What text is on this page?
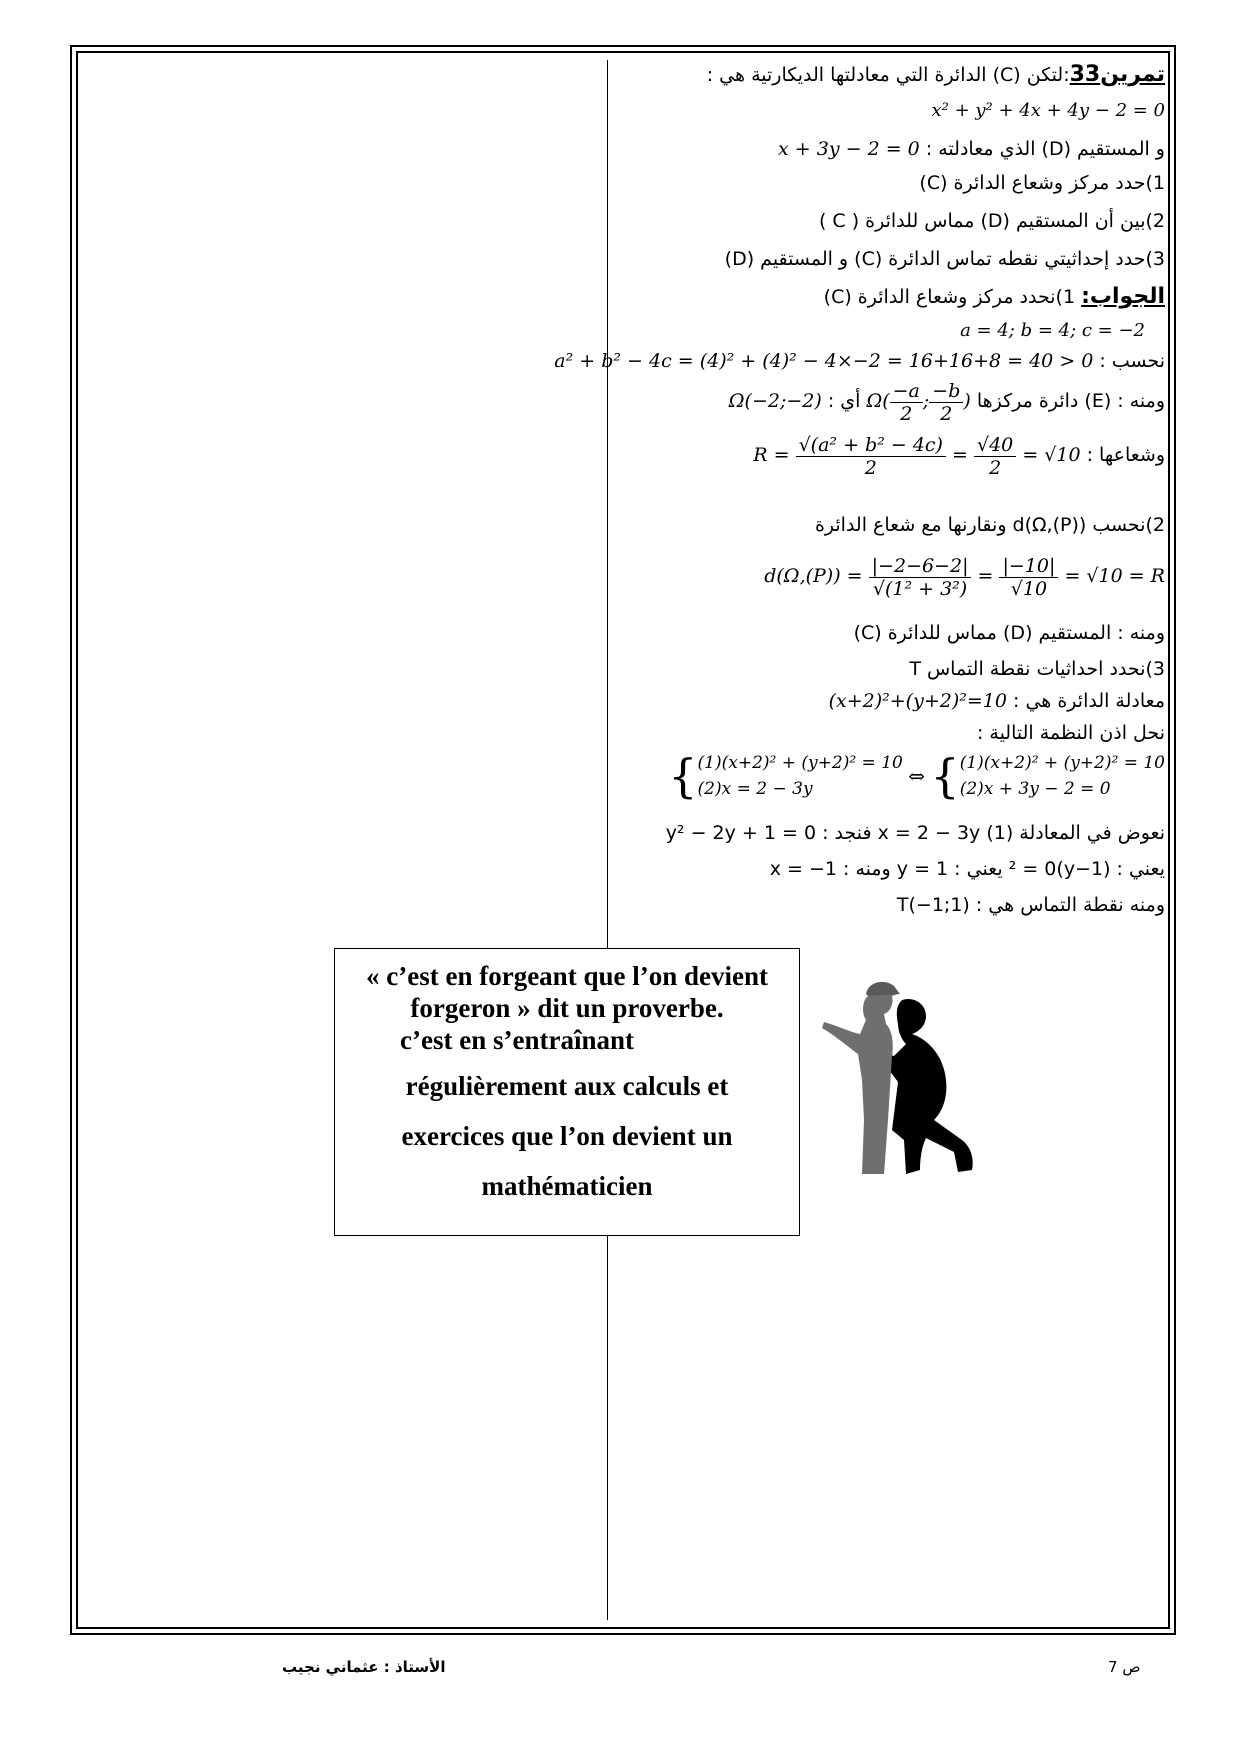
تمرين33:لتكن (C) الدائرة التي معادلتها الديكارتية هي :
x² + y² + 4x + 4y − 2 = 0
و المستقيم (D) الذي معادلته : x + 3y − 2 = 0
1)حدد مركز وشعاع الدائرة (C)
2)بين أن المستقيم (D) مماس للدائرة ( C )
3)حدد إحداثيتي نقطه تماس الدائرة (C) و المستقيم (D)
الجواب: 1)نحدد مركز وشعاع الدائرة (C)
a = 4; b = 4; c = −2
نحسب : a² + b² − 4c = (4)² + (4)² − 4×−2 = 16+16+8 = 40 > 0
ومنه : (E) دائرة مركزها $\Omega( \frac{-a}{2}$ ; $\frac{-b}{2}$ ) أي : Ω(−2;−2)
وشعاعها : $R = \frac{\text{√(a² + b² − 4c)}}{2} = \frac{√40}{2} = √10$
2)نحسب d(Ω,(P)) ونقارنها مع شعاع الدائرة
$d(\Omega,(P)) = \frac{|-2-6-2|}{\text{√(1² + 3²)}} = \frac{|-10|}{√10} = √10 = R$
ومنه : المستقيم (D) مماس للدائرة (C)
3)نحدد احداثيات نقطة التماس T
معادلة الدائرة هي : (x+2)²+(y+2)²=10
نحل اذن النظمة التالية :
{ (1)(x+2)² + (y+2)² = 10
(2)x = 2 − 3y
⇔ { (1)(x+2)² + (y+2)² = 10
(2)x + 3y − 2 = 0
نعوض في المعادلة (1) x = 2 − 3y فنجد : y² − 2y + 1 = 0
يعني : (y−1)² = 0 يعني : y = 1 ومنه : x = −1
ومنه نقطة التماس هي : T(−1;1)
« c’est en forgeant que l’on devient
forgeron » dit un proverbe.
c’est en s’entraînant
régulièrement aux calculs et
exercices que l’on devient un
mathématicien
الأستاذ : عثماني نجيب	ص 7
